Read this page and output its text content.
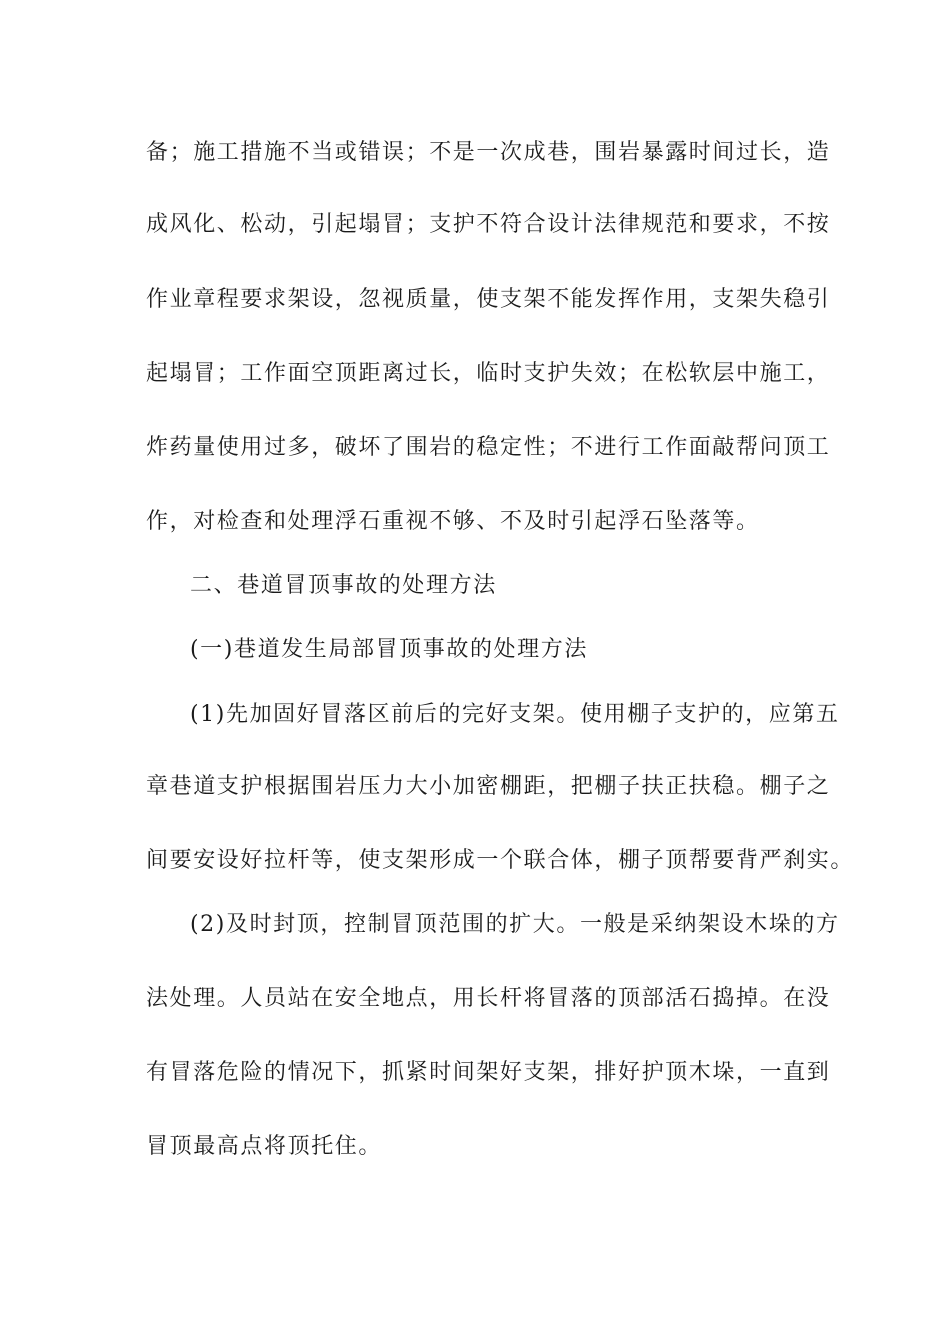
备；施工措施不当或错误；不是一次成巷，围岩暴露时间过长，造
成风化、松动，引起塌冒；支护不符合设计法律规范和要求，不按
作业章程要求架设，忽视质量，使支架不能发挥作用，支架失稳引
起塌冒；工作面空顶距离过长，临时支护失效；在松软层中施工，
炸药量使用过多，破坏了围岩的稳定性；不进行工作面敲帮问顶工
作，对检查和处理浮石重视不够、不及时引起浮石坠落等。
二、巷道冒顶事故的处理方法
(一)巷道发生局部冒顶事故的处理方法
(1)先加固好冒落区前后的完好支架。使用棚子支护的，应第五
章巷道支护根据围岩压力大小加密棚距，把棚子扶正扶稳。棚子之
间要安设好拉杆等，使支架形成一个联合体，棚子顶帮要背严刹实。
(2)及时封顶，控制冒顶范围的扩大。一般是采纳架设木垛的方
法处理。人员站在安全地点，用长杆将冒落的顶部活石捣掉。在没
有冒落危险的情况下，抓紧时间架好支架，排好护顶木垛，一直到
冒顶最高点将顶托住。
